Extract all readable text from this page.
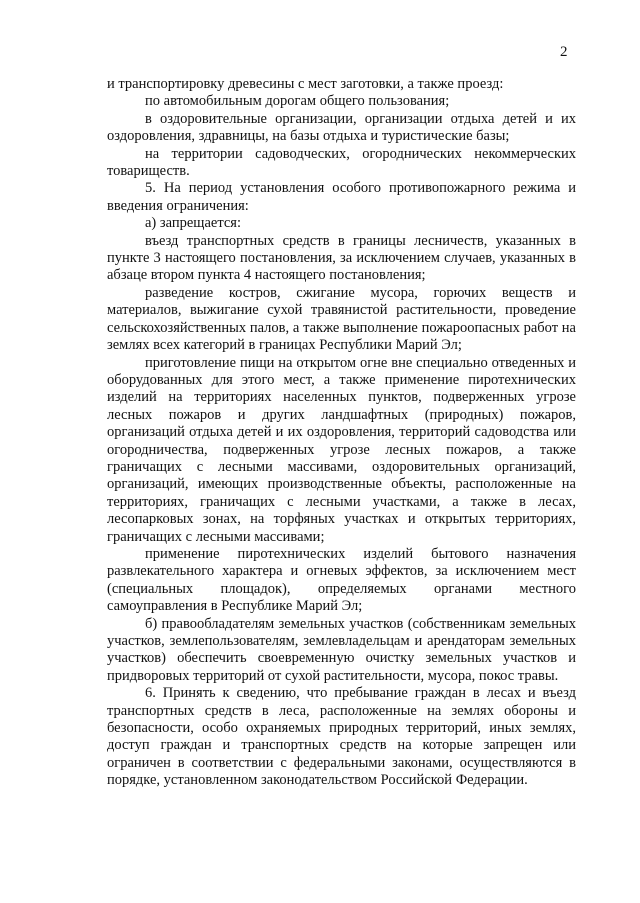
2

и транспортировку древесины с мест заготовки, а также проезд:

по автомобильным дорогам общего пользования;

в оздоровительные организации, организации отдыха детей и их оздоровления, здравницы, на базы отдыха и туристические базы;

на территории садоводческих, огороднических некоммерческих товариществ.

5. На период установления особого противопожарного режима и введения ограничения:

а) запрещается:

въезд транспортных средств в границы лесничеств, указанных в пункте 3 настоящего постановления, за исключением случаев, указанных в абзаце втором пункта 4 настоящего постановления;

разведение костров, сжигание мусора, горючих веществ и материалов, выжигание сухой травянистой растительности, проведение сельскохозяйственных палов, а также выполнение пожароопасных работ на землях всех категорий в границах Республики Марий Эл;

приготовление пищи на открытом огне вне специально отведенных и оборудованных для этого мест, а также применение пиротехнических изделий на территориях населенных пунктов, подверженных угрозе лесных пожаров и других ландшафтных (природных) пожаров, организаций отдыха детей и их оздоровления, территорий садоводства или огородничества, подверженных угрозе лесных пожаров, а также граничащих с лесными массивами, оздоровительных организаций, организаций, имеющих производственные объекты, расположенные на территориях, граничащих с лесными участками, а также в лесах, лесопарковых зонах, на торфяных участках и открытых территориях, граничащих с лесными массивами;

применение пиротехнических изделий бытового назначения развлекательного характера и огневых эффектов, за исключением мест (специальных площадок), определяемых органами местного самоуправления в Республике Марий Эл;

б) правообладателям земельных участков (собственникам земельных участков, землепользователям, землевладельцам и арендаторам земельных участков) обеспечить своевременную очистку земельных участков и придворовых территорий от сухой растительности, мусора, покос травы.

6. Принять к сведению, что пребывание граждан в лесах и въезд транспортных средств в леса, расположенные на землях обороны и безопасности, особо охраняемых природных территорий, иных землях, доступ граждан и транспортных средств на которые запрещен или ограничен в соответствии с федеральными законами, осуществляются в порядке, установленном законодательством Российской Федерации.
